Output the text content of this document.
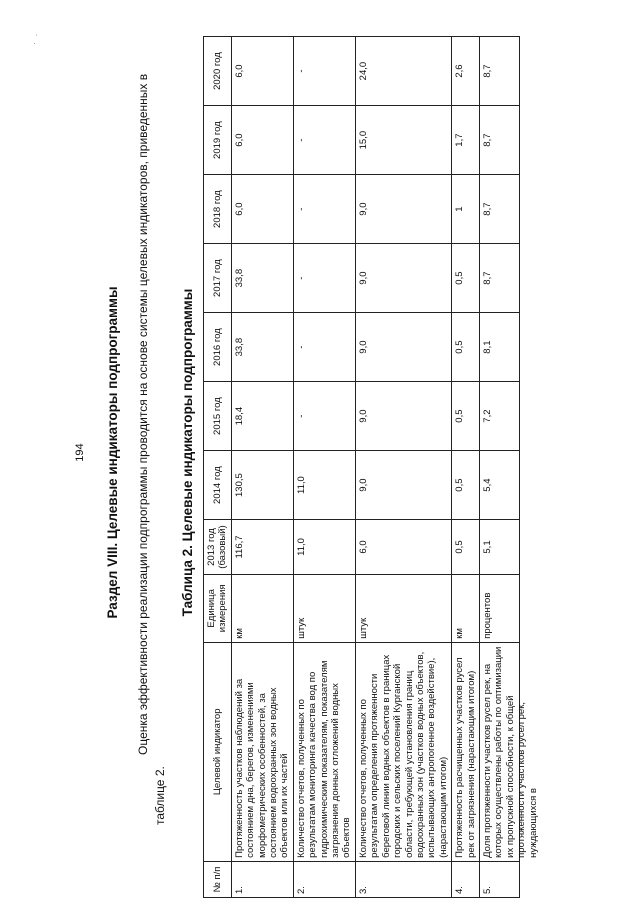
· .
194 Раздел VIII. Целевые индикаторы подпрограммы Оценка эффективности реализации подпрограммы проводится на основе системы целевых индикаторов, приведенных в таблице 2.
Таблица 2. Целевые индикаторы подпрограммы
№ п/п	Целевой индикатор	Единица измерения	2013 год (базовый)	2014 год	2015 год	2016 год	2017 год	2018 год	2019 год	2020 год
1.	Протяженность участков наблюдений за состоянием дна, берегов, изменениями морфометрических особенностей, за состоянием водоохранных зон водных объектов или их частей	км	116,7	130,5	18,4	33,8	33,8	6,0	6,0	6,0
2.	Количество отчетов, полученных по результатам мониторинга качества вод по гидрохимическим показателям, показателям загрязнения донных отложений водных объектов	штук	11,0	11,0	-	-	-	-	-	-
3.	Количество отчетов, полученных по результатам определения протяженности береговой линии водных объектов в границах городских и сельских поселений Курганской области, требующей установления границ водоохранных зон (участков водных объектов, испытывающих антропогенное воздействие), (нарастающим итогом)	штук	6,0	9,0	9,0	9,0	9,0	9,0	15,0	24,0
4.	Протяженность расчищенных участков русел рек от загрязнения (нарастающим итогом)	км	0,5	0,5	0,5	0,5	0,5	1	1,7	2,6
5.	Доля протяженности участков русел рек, на которых осуществлены работы по оптимизации их пропускной способности, к общей протяженности участков русел рек, нуждающихся в	процентов	5,1	5,4	7,2	8,1	8,7	8,7	8,7	8,7
